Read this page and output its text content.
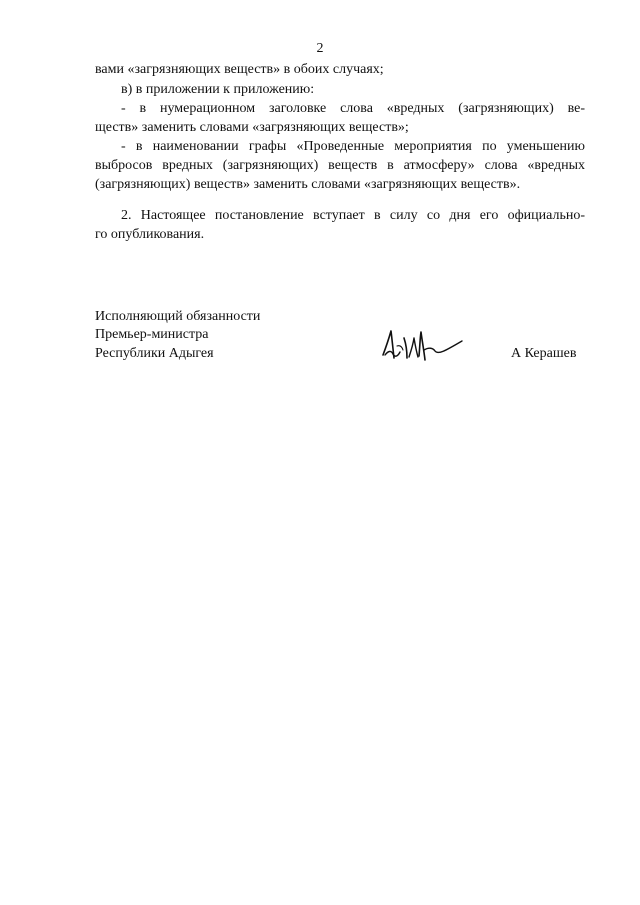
2
вами «загрязняющих веществ» в обоих случаях;
в) в приложении к приложению:
- в нумерационном заголовке слова «вредных (загрязняющих) ве-
ществ» заменить словами «загрязняющих веществ»;
- в наименовании графы «Проведенные мероприятия по уменьшению
выбросов вредных (загрязняющих) веществ в атмосферу» слова «вредных
(загрязняющих) веществ» заменить словами «загрязняющих веществ».
2. Настоящее постановление вступает в силу со дня его официально-
го опубликования.
Исполняющий обязанности
Премьер-министра
Республики Адыгея	А Керашев
